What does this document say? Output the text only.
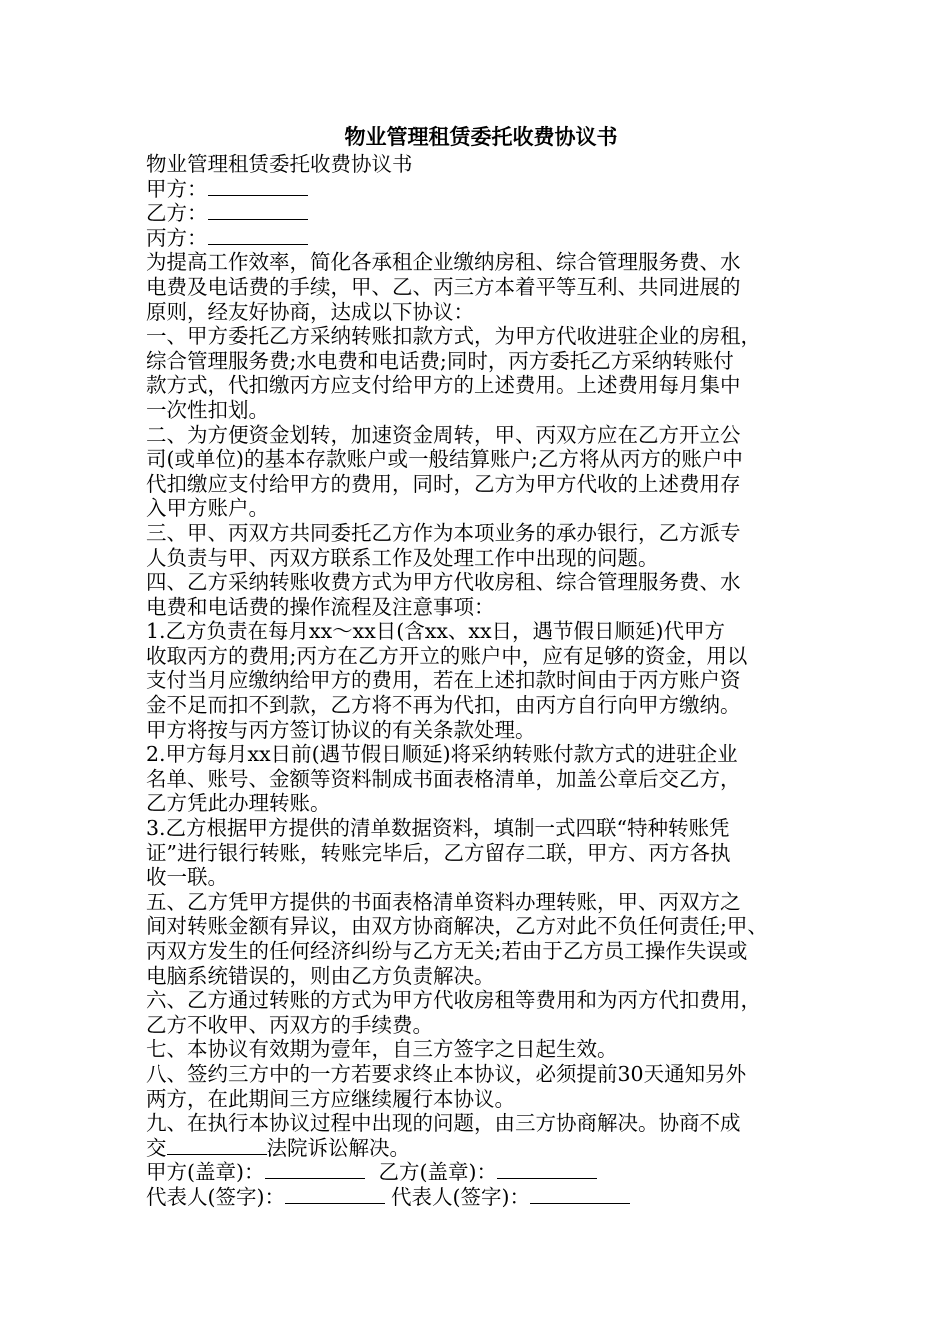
物业管理租赁委托收费协议书
物业管理租赁委托收费协议书
甲方：
乙方：
丙方：
为提高工作效率，简化各承租企业缴纳房租、综合管理服务费、水
电费及电话费的手续，甲、乙、丙三方本着平等互利、共同进展的
原则，经友好协商，达成以下协议：
一、甲方委托乙方采纳转账扣款方式，为甲方代收进驻企业的房租，
综合管理服务费;水电费和电话费;同时，丙方委托乙方采纳转账付
款方式，代扣缴丙方应支付给甲方的上述费用。上述费用每月集中
一次性扣划。
二、为方便资金划转，加速资金周转，甲、丙双方应在乙方开立公
司(或单位)的基本存款账户或一般结算账户;乙方将从丙方的账户中
代扣缴应支付给甲方的费用，同时，乙方为甲方代收的上述费用存
入甲方账户。
三、甲、丙双方共同委托乙方作为本项业务的承办银行，乙方派专
人负责与甲、丙双方联系工作及处理工作中出现的问题。
四、乙方采纳转账收费方式为甲方代收房租、综合管理服务费、水
电费和电话费的操作流程及注意事项：
1.乙方负责在每月xx～xx日(含xx、xx日，遇节假日顺延)代甲方
收取丙方的费用;丙方在乙方开立的账户中，应有足够的资金，用以
支付当月应缴纳给甲方的费用，若在上述扣款时间由于丙方账户资
金不足而扣不到款，乙方将不再为代扣，由丙方自行向甲方缴纳。
甲方将按与丙方签订协议的有关条款处理。
2.甲方每月xx日前(遇节假日顺延)将采纳转账付款方式的进驻企业
名单、账号、金额等资料制成书面表格清单，加盖公章后交乙方，
乙方凭此办理转账。
3.乙方根据甲方提供的清单数据资料，填制一式四联“特种转账凭
证”进行银行转账，转账完毕后，乙方留存二联，甲方、丙方各执
收一联。
五、乙方凭甲方提供的书面表格清单资料办理转账，甲、丙双方之
间对转账金额有异议，由双方协商解决，乙方对此不负任何责任;甲、
丙双方发生的任何经济纠纷与乙方无关;若由于乙方员工操作失误或
电脑系统错误的，则由乙方负责解决。
六、乙方通过转账的方式为甲方代收房租等费用和为丙方代扣费用，
乙方不收甲、丙双方的手续费。
七、本协议有效期为壹年，自三方签字之日起生效。
八、签约三方中的一方若要求终止本协议，必须提前30天通知另外
两方，在此期间三方应继续履行本协议。
九、在执行本协议过程中出现的问题，由三方协商解决。协商不成
交	法院诉讼解决。
甲方(盖章)：	乙方(盖章)：
代表人(签字)：	代表人(签字)：
